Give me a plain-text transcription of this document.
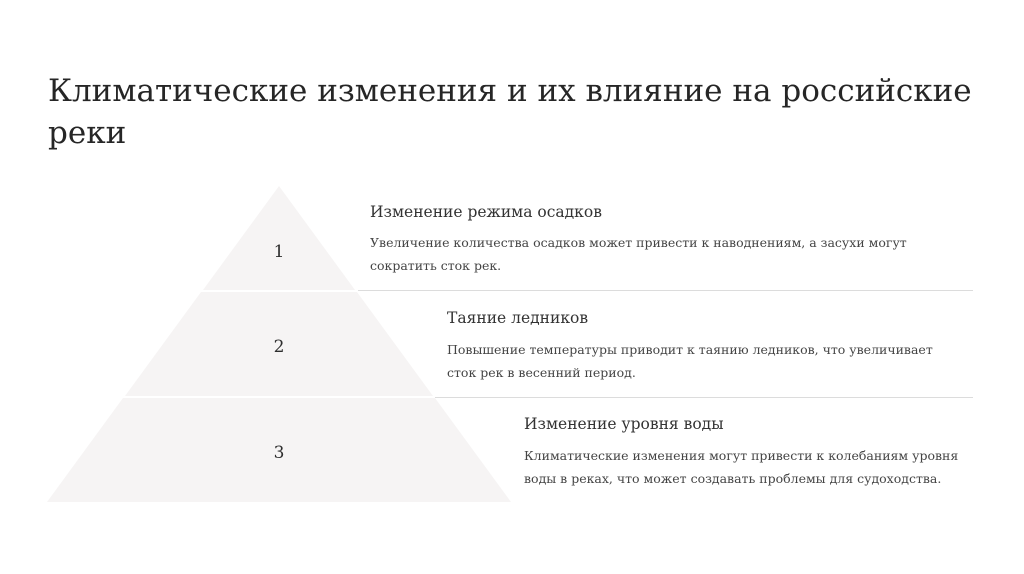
Климатические изменения и их влияние на российские реки
1
2
3
Изменение режима осадков

Увеличение количества осадков может привести к наводнениям, а засухи могут сократить сток рек.

Таяние ледников

Повышение температуры приводит к таянию ледников, что увеличивает сток рек в весенний период.

Изменение уровня воды

Климатические изменения могут привести к колебаниям уровня воды в реках, что может создавать проблемы для судоходства.
